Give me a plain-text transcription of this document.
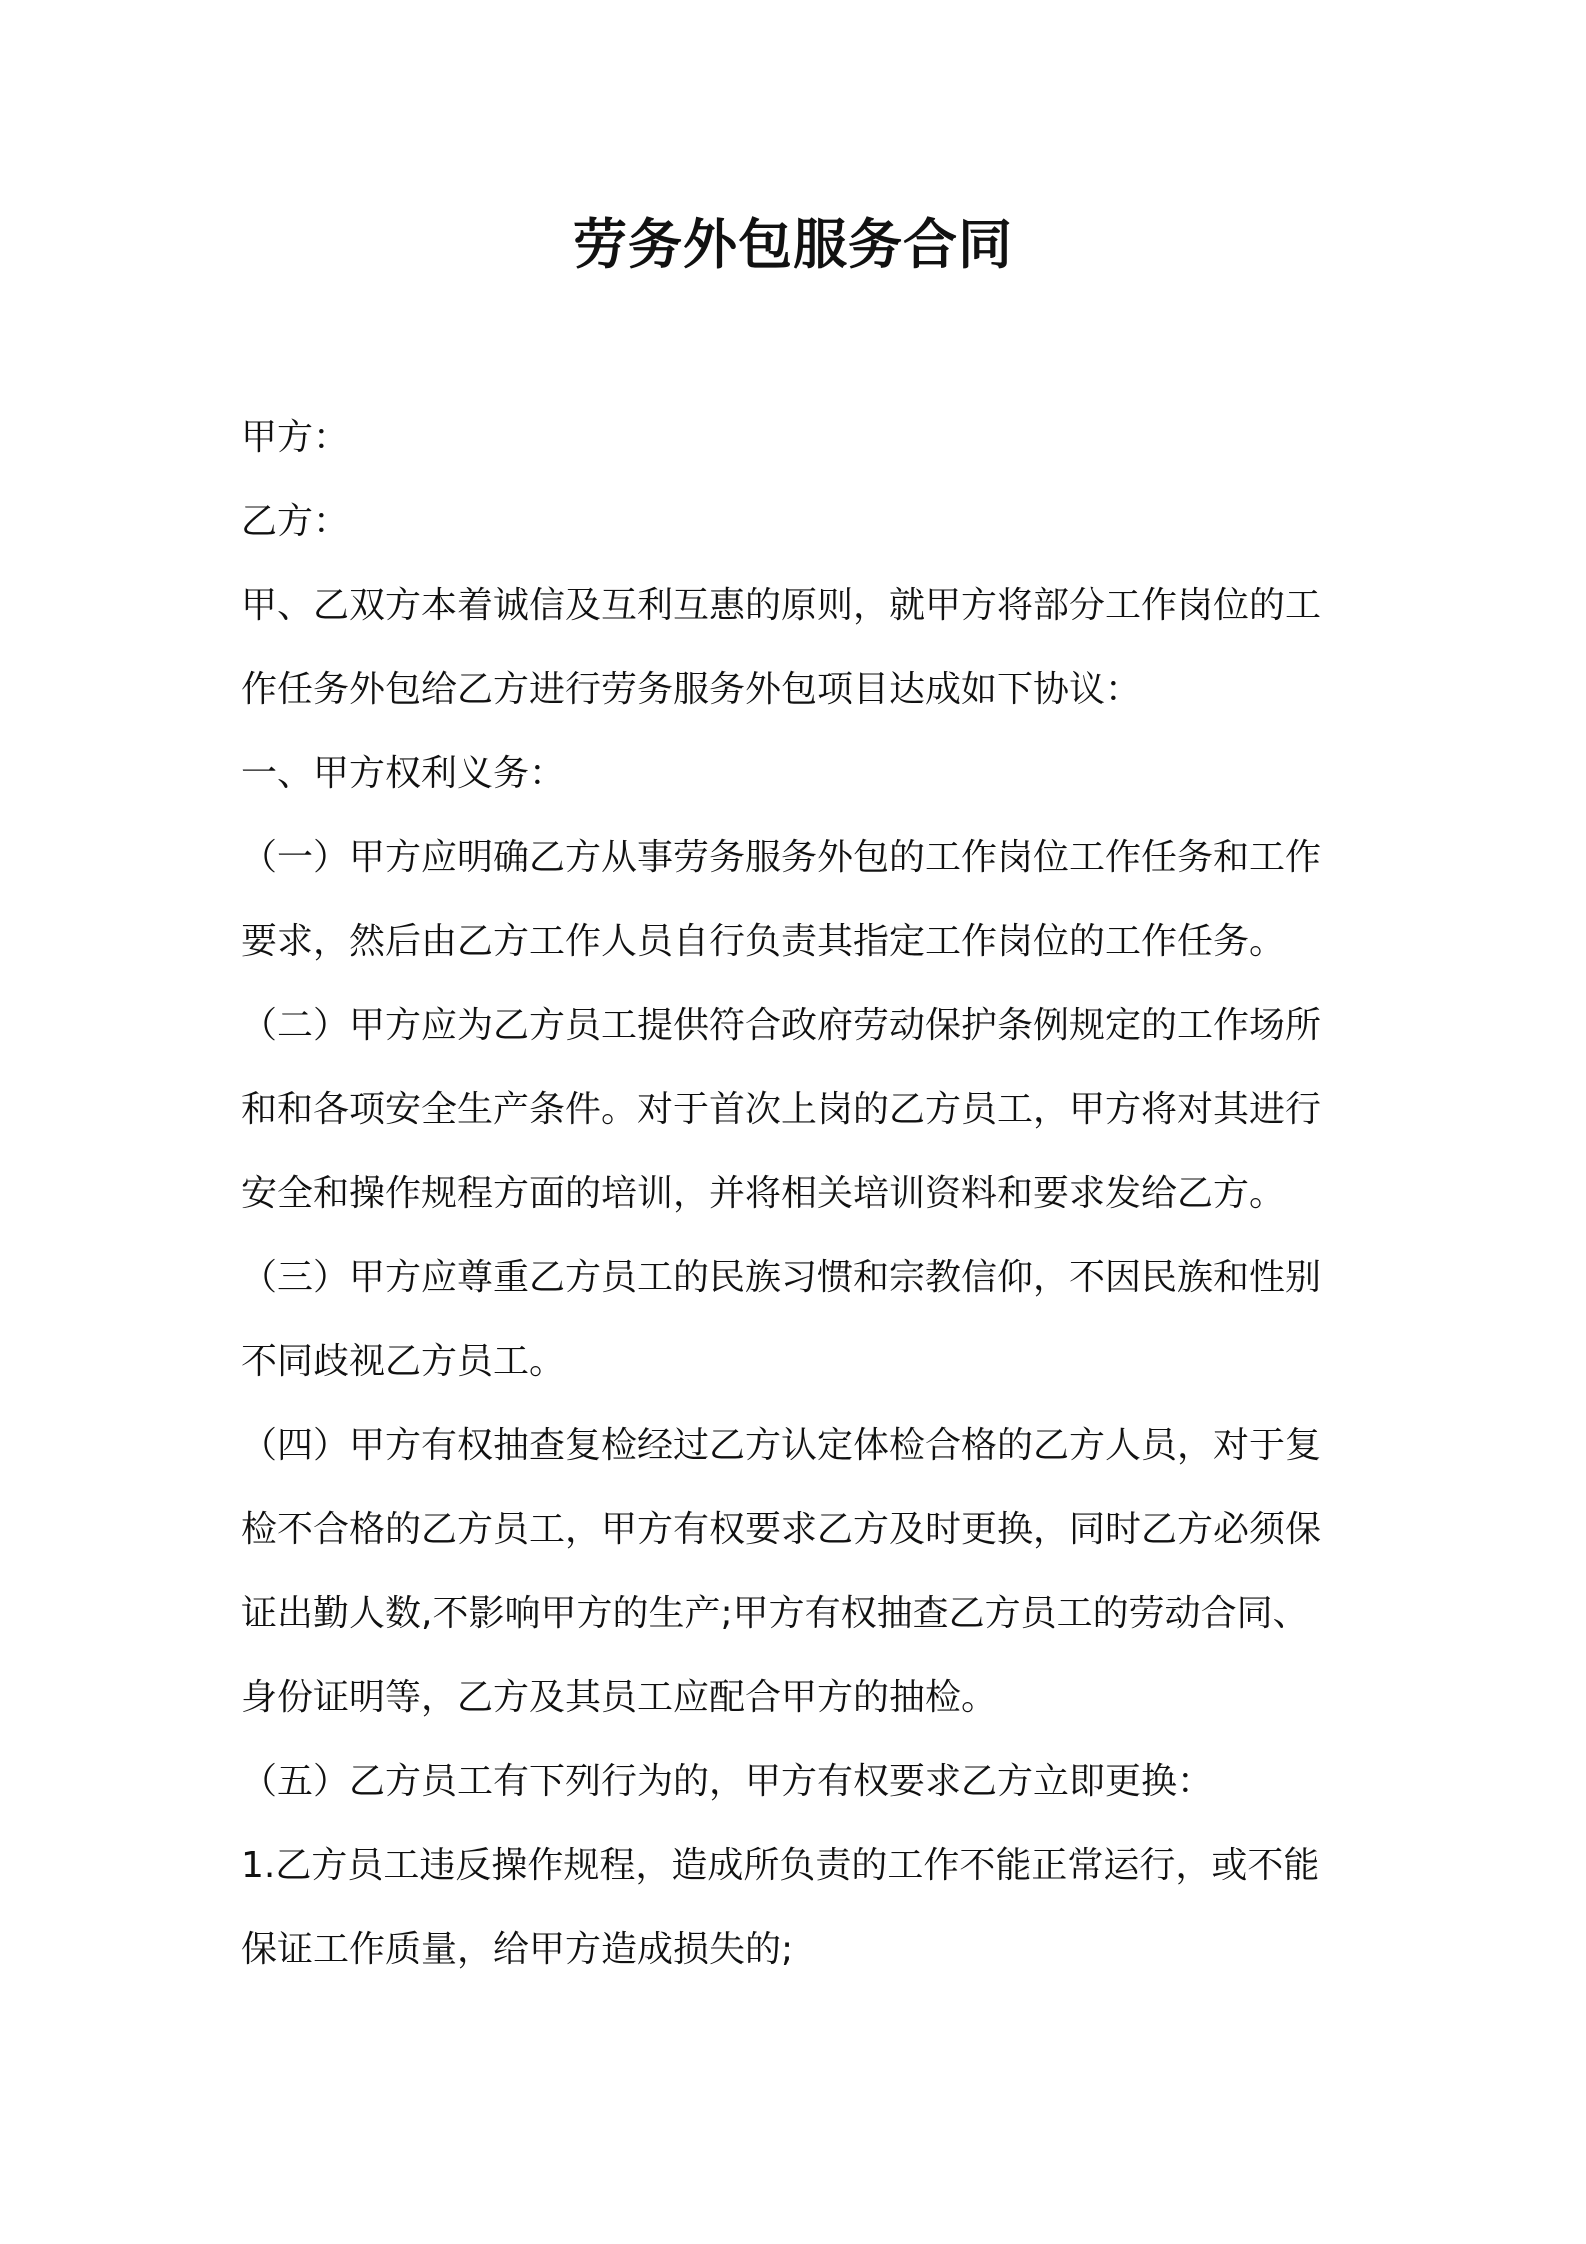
劳务外包服务合同
甲方：
乙方：
甲、乙双方本着诚信及互利互惠的原则，就甲方将部分工作岗位的工
作任务外包给乙方进行劳务服务外包项目达成如下协议：
一、甲方权利义务：
（一）甲方应明确乙方从事劳务服务外包的工作岗位工作任务和工作
要求，然后由乙方工作人员自行负责其指定工作岗位的工作任务。
（二）甲方应为乙方员工提供符合政府劳动保护条例规定的工作场所
和和各项安全生产条件。对于首次上岗的乙方员工，甲方将对其进行
安全和操作规程方面的培训，并将相关培训资料和要求发给乙方。
（三）甲方应尊重乙方员工的民族习惯和宗教信仰，不因民族和性别
不同歧视乙方员工。
（四）甲方有权抽查复检经过乙方认定体检合格的乙方人员，对于复
检不合格的乙方员工，甲方有权要求乙方及时更换，同时乙方必须保
证出勤人数,不影响甲方的生产;甲方有权抽查乙方员工的劳动合同、
身份证明等，乙方及其员工应配合甲方的抽检。
（五）乙方员工有下列行为的，甲方有权要求乙方立即更换：
1.乙方员工违反操作规程，造成所负责的工作不能正常运行，或不能
保证工作质量，给甲方造成损失的;
